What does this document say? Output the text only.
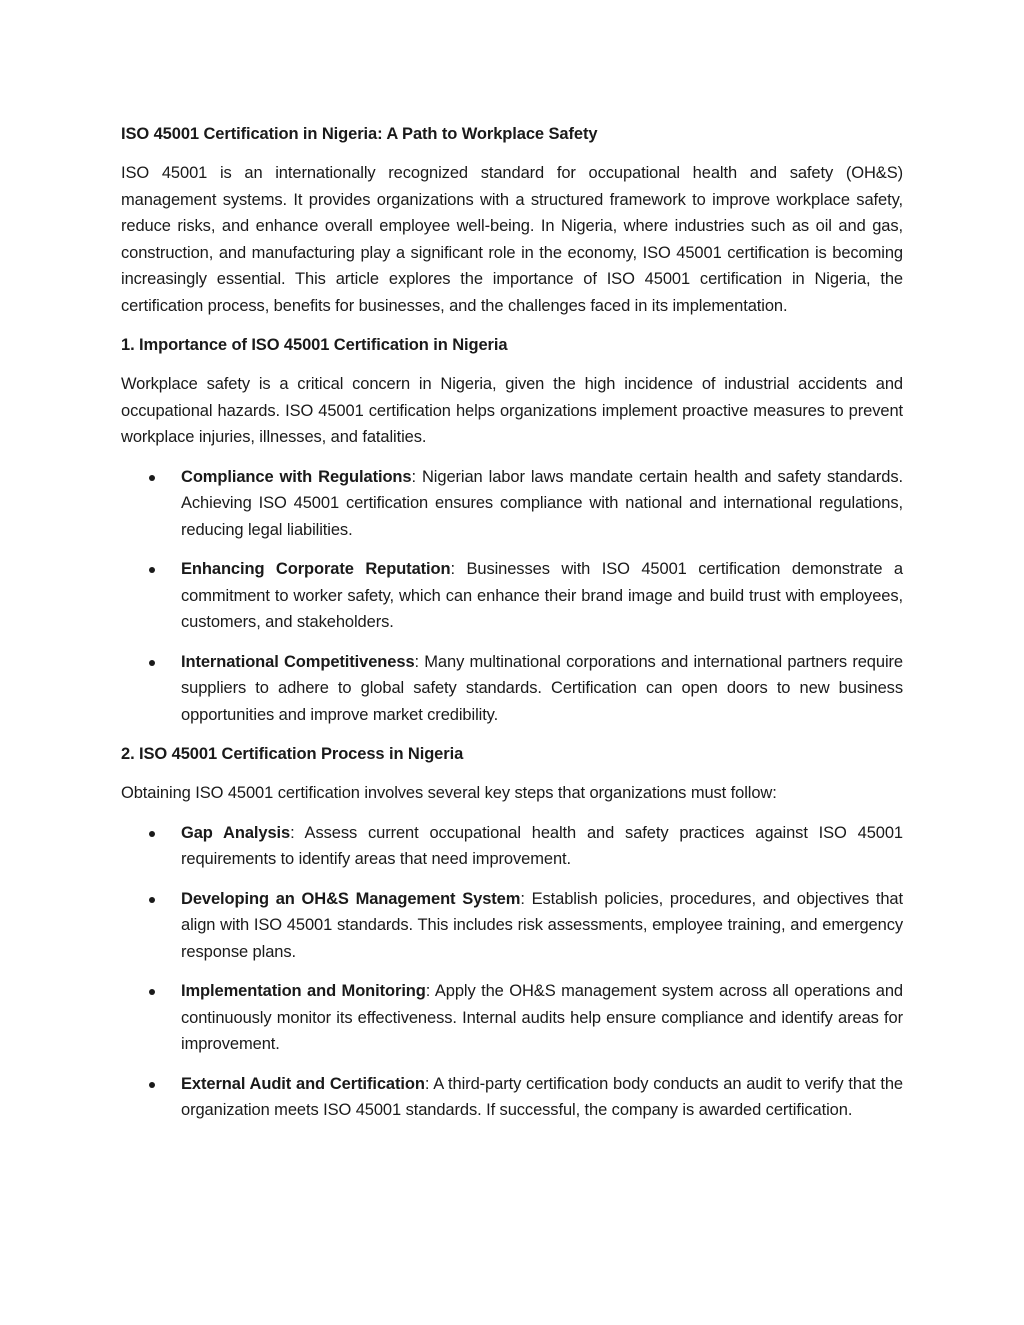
ISO 45001 Certification in Nigeria: A Path to Workplace Safety

ISO 45001 is an internationally recognized standard for occupational health and safety (OH&S) management systems. It provides organizations with a structured framework to improve workplace safety, reduce risks, and enhance overall employee well-being. In Nigeria, where industries such as oil and gas, construction, and manufacturing play a significant role in the economy, ISO 45001 certification is becoming increasingly essential. This article explores the importance of ISO 45001 certification in Nigeria, the certification process, benefits for businesses, and the challenges faced in its implementation.

1. Importance of ISO 45001 Certification in Nigeria

Workplace safety is a critical concern in Nigeria, given the high incidence of industrial accidents and occupational hazards. ISO 45001 certification helps organizations implement proactive measures to prevent workplace injuries, illnesses, and fatalities.

Compliance with Regulations: Nigerian labor laws mandate certain health and safety standards. Achieving ISO 45001 certification ensures compliance with national and international regulations, reducing legal liabilities.
Enhancing Corporate Reputation: Businesses with ISO 45001 certification demonstrate a commitment to worker safety, which can enhance their brand image and build trust with employees, customers, and stakeholders.
International Competitiveness: Many multinational corporations and international partners require suppliers to adhere to global safety standards. Certification can open doors to new business opportunities and improve market credibility.
2. ISO 45001 Certification Process in Nigeria

Obtaining ISO 45001 certification involves several key steps that organizations must follow:

Gap Analysis: Assess current occupational health and safety practices against ISO 45001 requirements to identify areas that need improvement.
Developing an OH&S Management System: Establish policies, procedures, and objectives that align with ISO 45001 standards. This includes risk assessments, employee training, and emergency response plans.
Implementation and Monitoring: Apply the OH&S management system across all operations and continuously monitor its effectiveness. Internal audits help ensure compliance and identify areas for improvement.
External Audit and Certification: A third-party certification body conducts an audit to verify that the organization meets ISO 45001 standards. If successful, the company is awarded certification.
